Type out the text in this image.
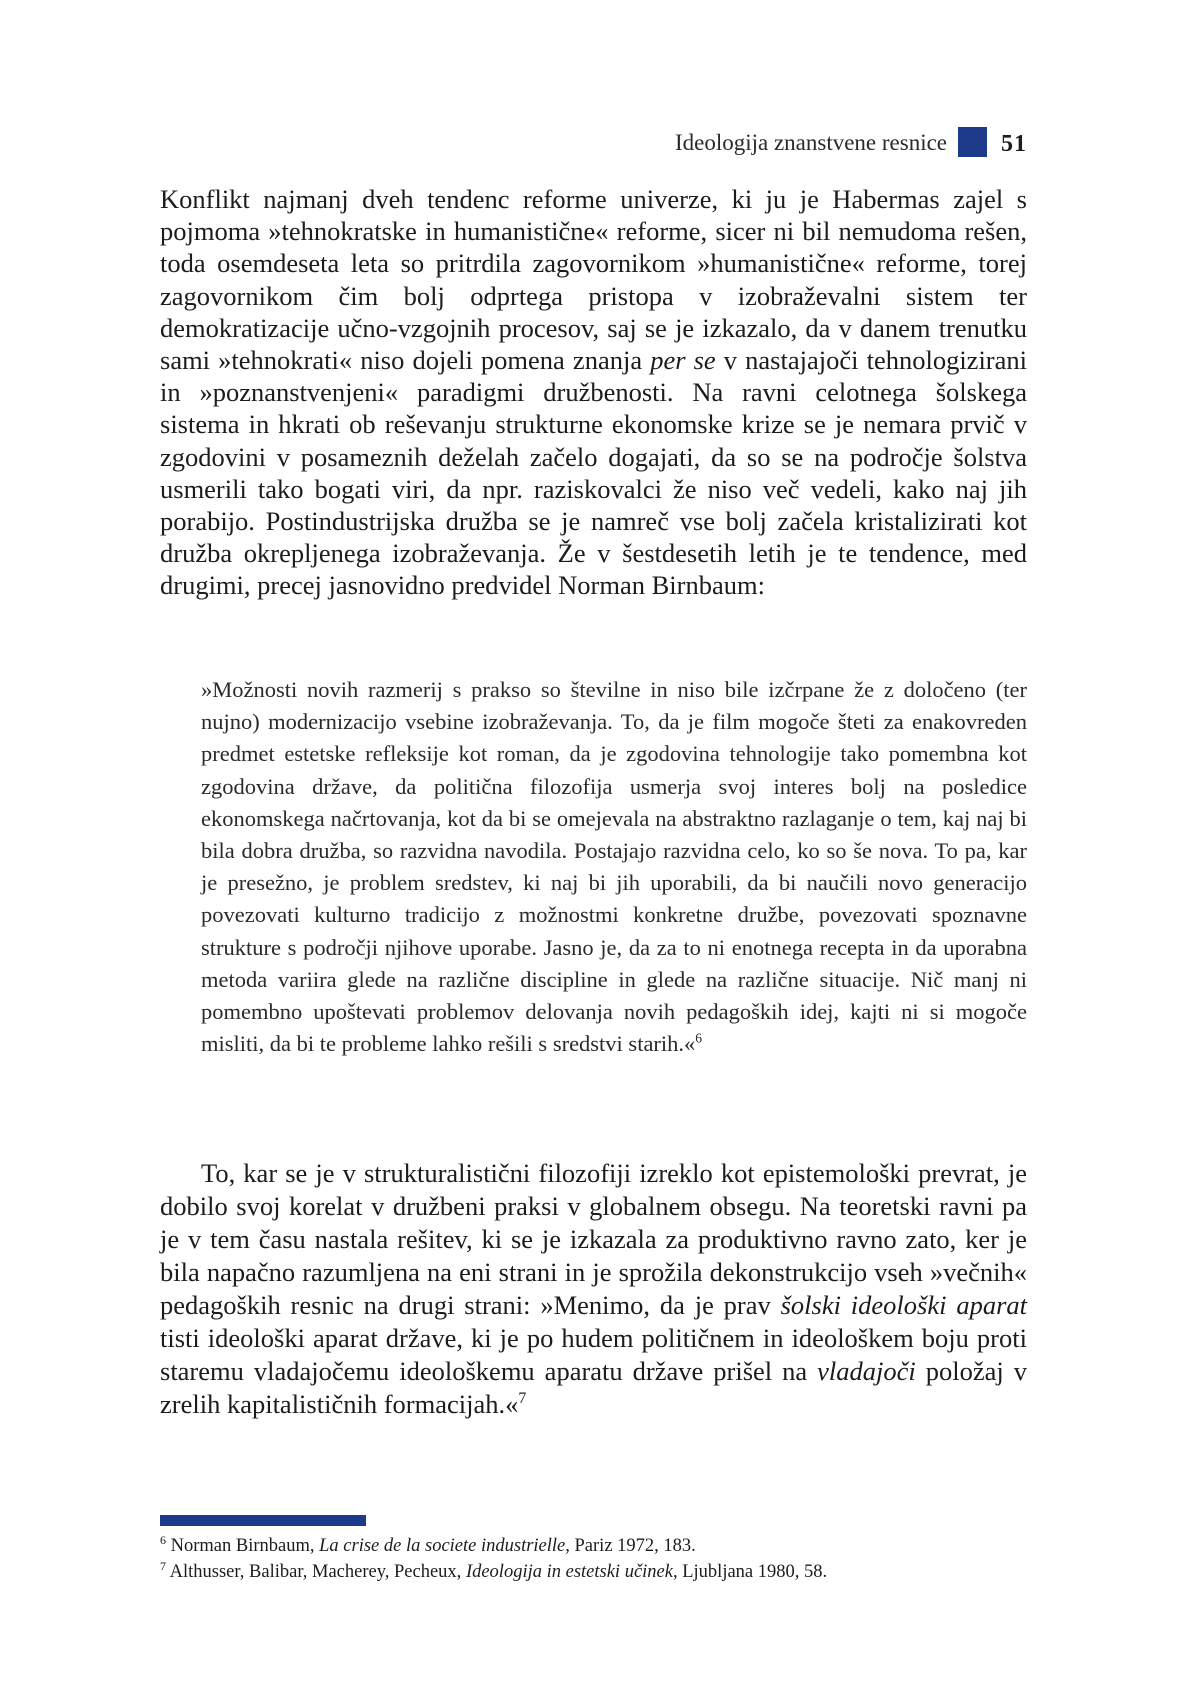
Ideologija znanstvene resnice 51

Konflikt najmanj dveh tendenc reforme univerze, ki ju je Habermas zajel s pojmoma »tehnokratske in humanistične« reforme, sicer ni bil nemudoma rešen, toda osemdeseta leta so pritrdila zagovornikom »humanistične« reforme, torej zagovornikom čim bolj odprtega pristopa v izobraževalni sistem ter demokratizacije učno-vzgojnih procesov, saj se je izkazalo, da v danem trenutku sami »tehnokrati« niso dojeli pomena znanja per se v nastajajoči tehnologizirani in »poznanstvenjeni« paradigmi družbenosti. Na ravni celotnega šolskega sistema in hkrati ob reševanju strukturne ekonomske krize se je nemara prvič v zgodovini v posameznih deželah začelo dogajati, da so se na področje šolstva usmerili tako bogati viri, da npr. raziskovalci že niso več vedeli, kako naj jih porabijo. Postindustrijska družba se je namreč vse bolj začela kristalizirati kot družba okrepljenega izobraževanja. Že v šestdesetih letih je te tendence, med drugimi, precej jasnovidno predvidel Norman Birnbaum:

»Možnosti novih razmerij s prakso so številne in niso bile izčrpane že z določeno (ter nujno) modernizacijo vsebine izobraževanja. To, da je film mogoče šteti za enakovreden predmet estetske refleksije kot roman, da je zgodovina tehnologije tako pomembna kot zgodovina države, da politična filozofija usmerja svoj interes bolj na posledice ekonomskega načrtovanja, kot da bi se omejevala na abstraktno razlaganje o tem, kaj naj bi bila dobra družba, so razvidna navodila. Postajajo razvidna celo, ko so še nova. To pa, kar je presežno, je problem sredstev, ki naj bi jih uporabili, da bi naučili novo generacijo povezovati kulturno tradicijo z možnostmi konkretne družbe, povezovati spoznavne strukture s področji njihove uporabe. Jasno je, da za to ni enotnega recepta in da uporabna metoda variira glede na različne discipline in glede na različne situacije. Nič manj ni pomembno upoštevati problemov delovanja novih pedagoških idej, kajti ni si mogoče misliti, da bi te probleme lahko rešili s sredstvi starih.«$^6$

To, kar se je v strukturalistični filozofiji izreklo kot epistemološki prevrat, je dobilo svoj korelat v družbeni praksi v globalnem obsegu. Na teoretski ravni pa je v tem času nastala rešitev, ki se je izkazala za produktivno ravno zato, ker je bila napačno razumljena na eni strani in je sprožila dekonstrukcijo vseh »večnih« pedagoških resnic na drugi strani: »Menimo, da je prav šolski ideološki aparat tisti ideološki aparat države, ki je po hudem političnem in ideološkem boju proti staremu vladajočemu ideološkemu aparatu države prišel na vladajoči položaj v zrelih kapitalističnih formacijah.«$^7$

$^6$ Norman Birnbaum, La crise de la societe industrielle, Pariz 1972, 183.

$^7$ Althusser, Balibar, Macherey, Pecheux, Ideologija in estetski učinek, Ljubljana 1980, 58.
